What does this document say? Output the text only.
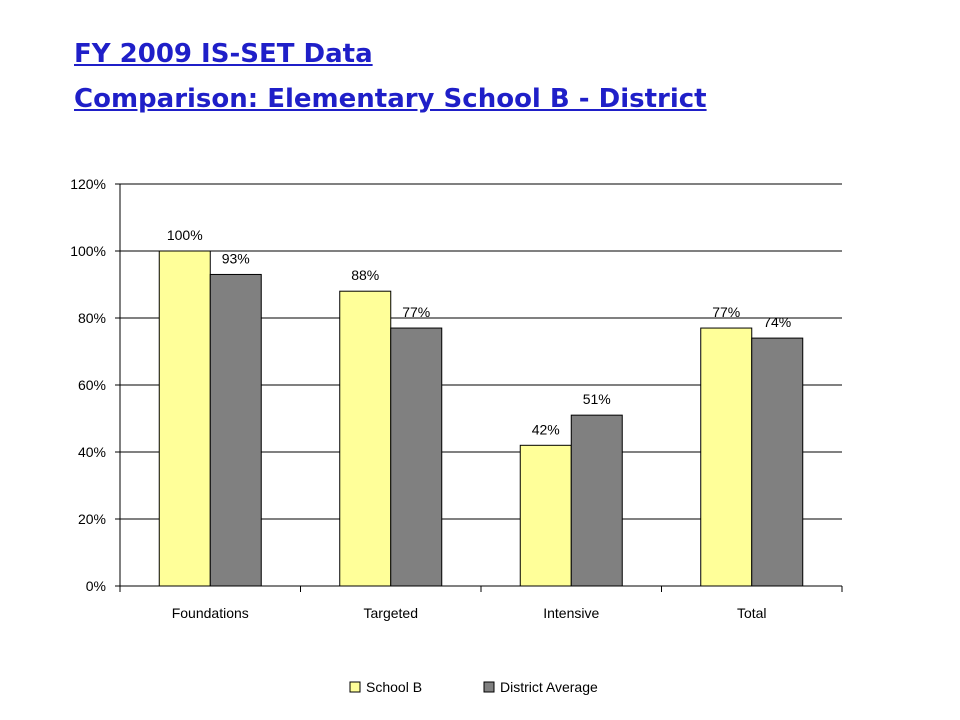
FY 2009 IS-SET Data
Comparison: Elementary School B - District
0%
20%
40%
60%
80%
100%
120%
100%
93%
Foundations
88%
77%
Targeted
42%
51%
Intensive
77%
74%
Total
School B	District Average
